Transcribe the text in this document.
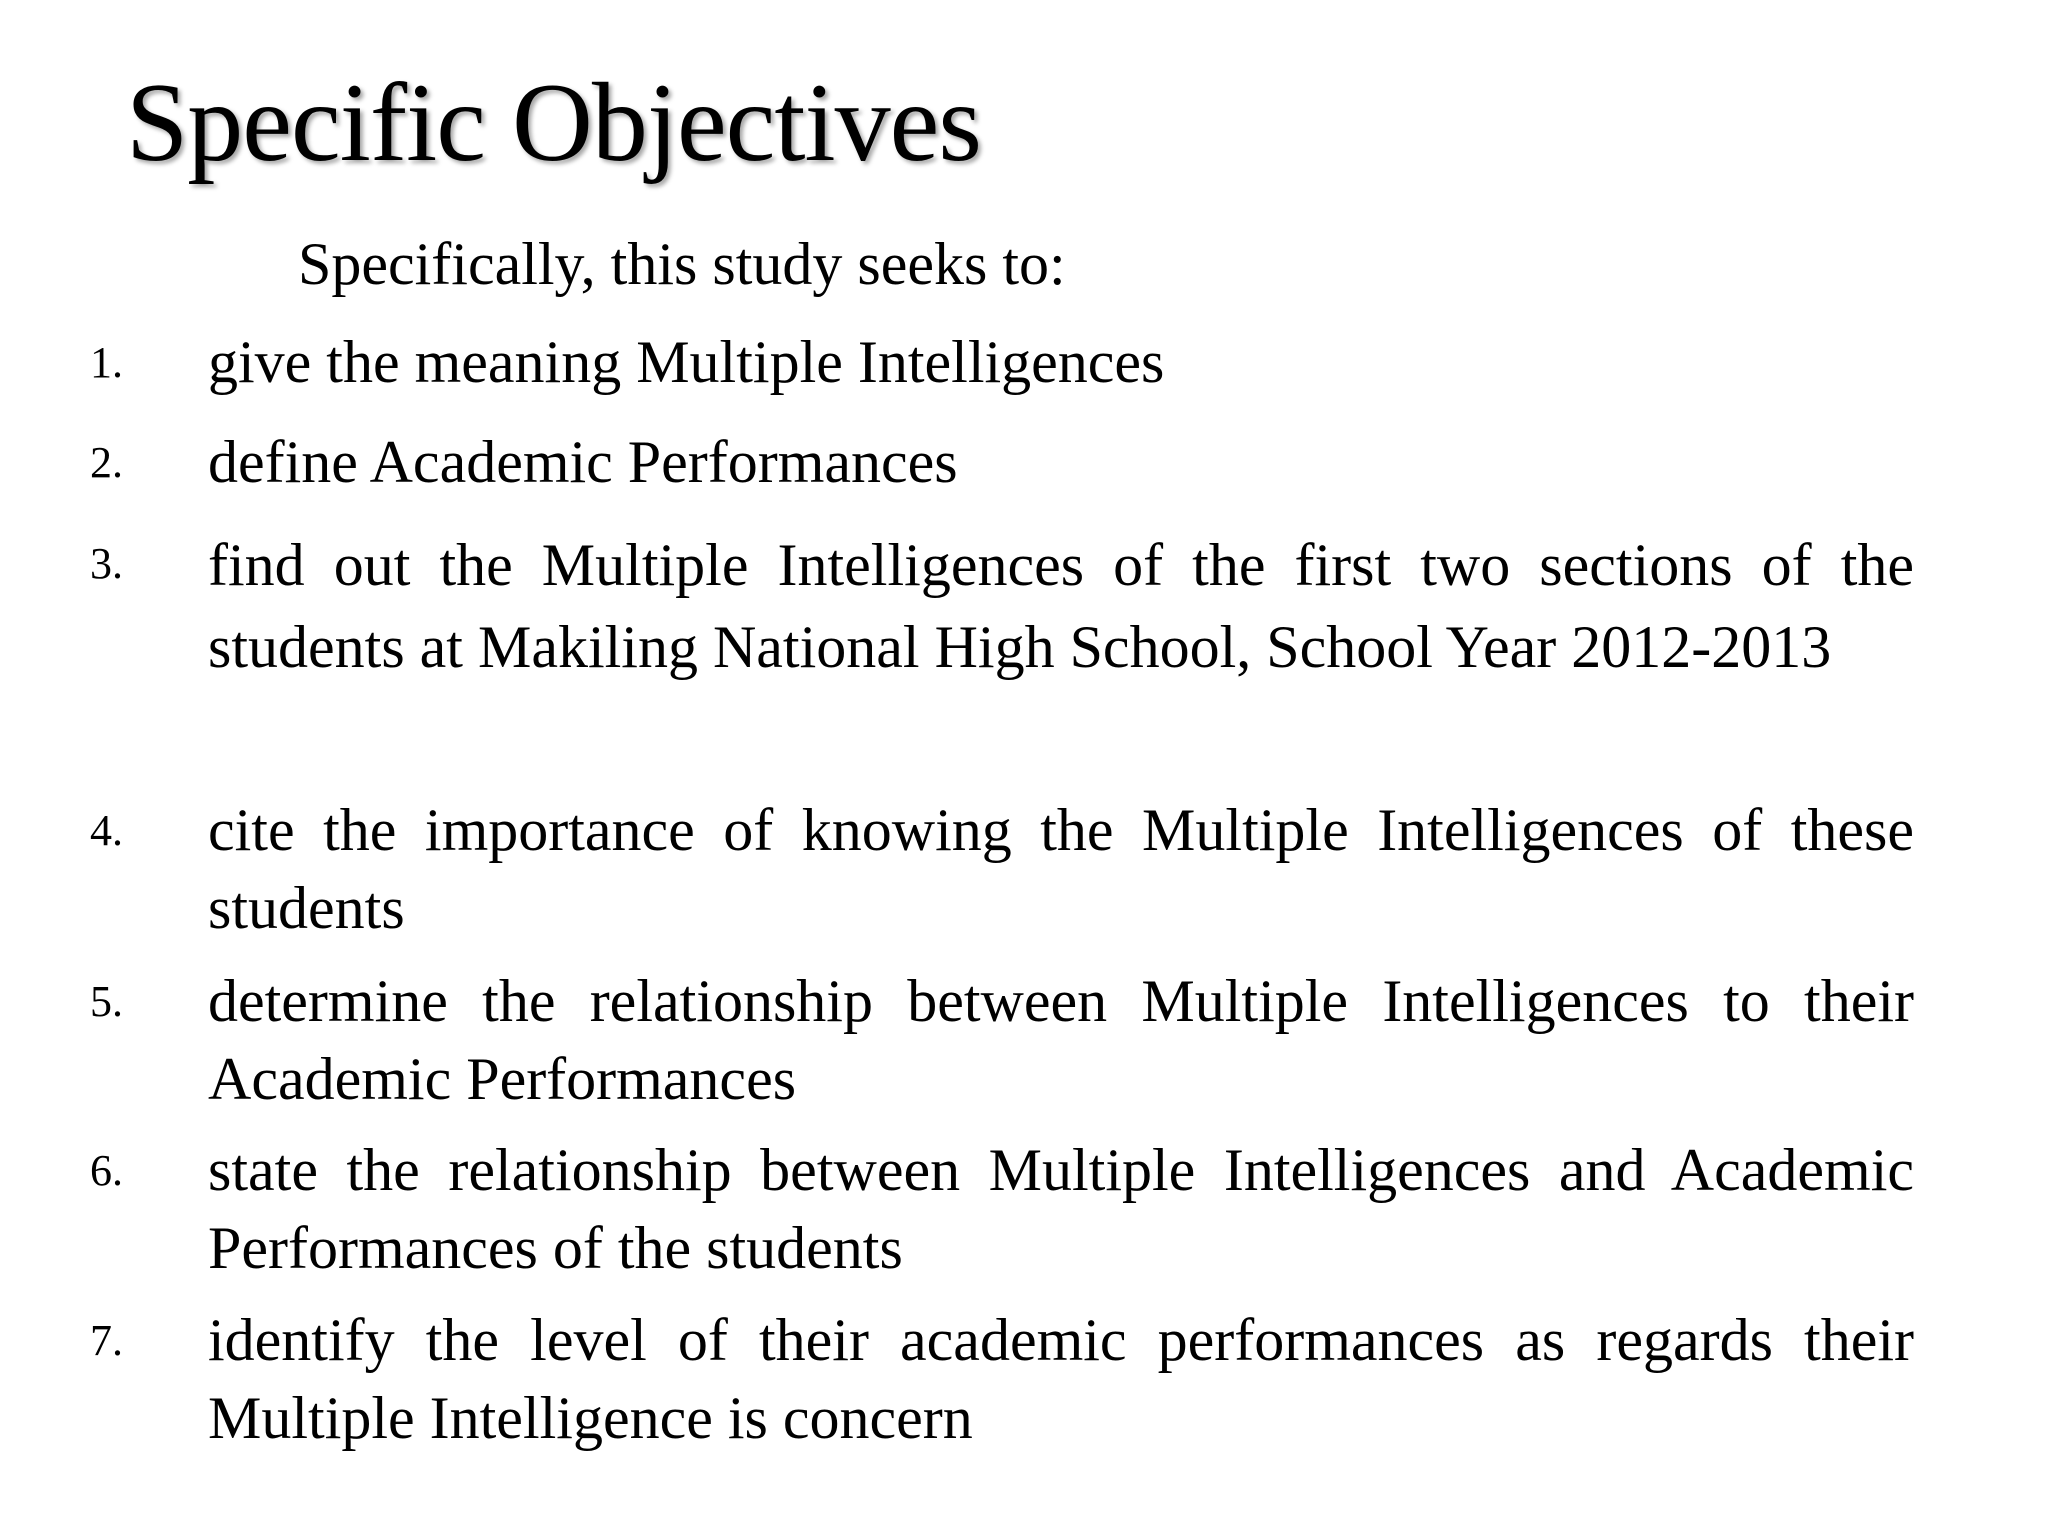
Specific Objectives

Specifically, this study seeks to:

1. give the meaning Multiple Intelligences

2. define Academic Performances

3. find out the Multiple Intelligences of the first two sections of the students at Makiling National High School, School Year 2012-2013

4. cite the importance of knowing the Multiple Intelligences of these students

5. determine the relationship between Multiple Intelligences to their Academic Performances

6. state the relationship between Multiple Intelligences and Academic Performances of the students

7. identify the level of their academic performances as regards their Multiple Intelligence is concern
